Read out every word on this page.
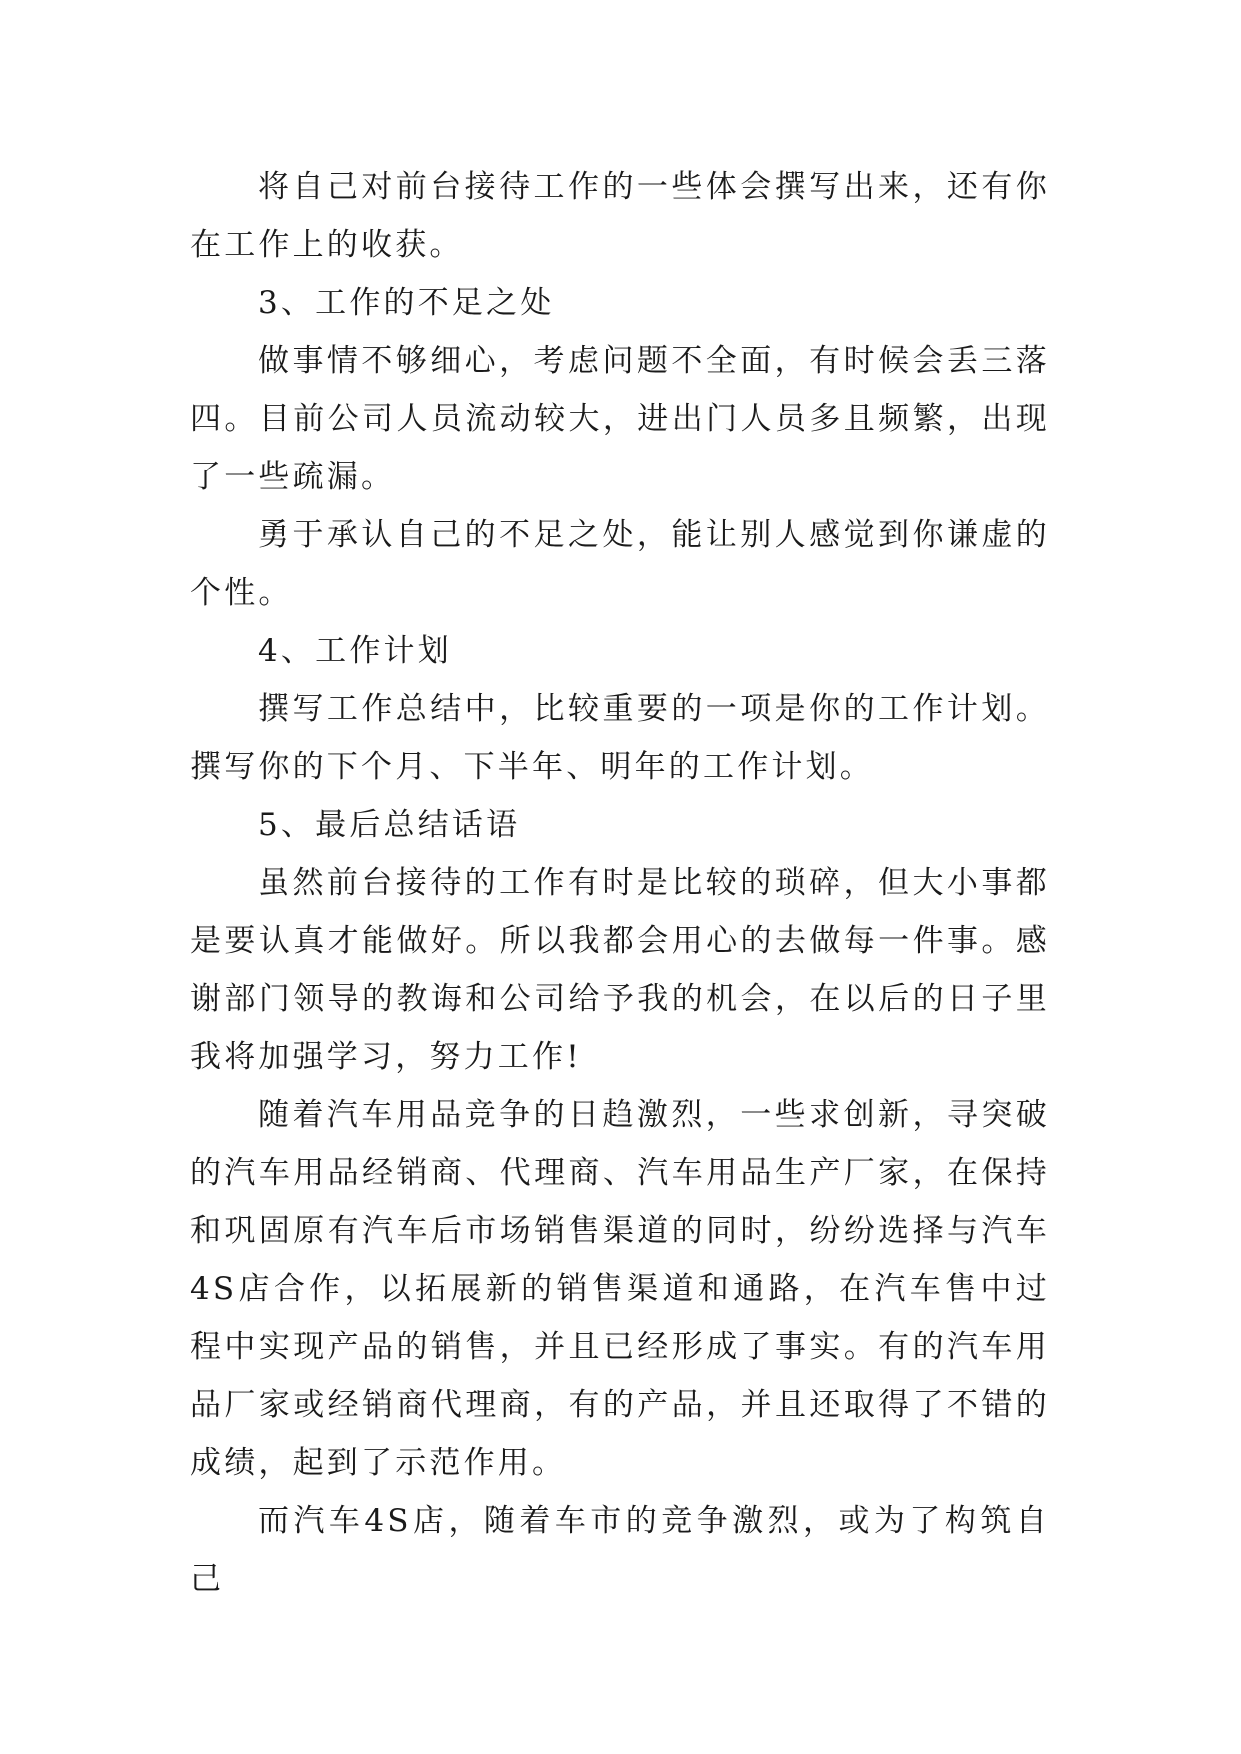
将自己对前台接待工作的一些体会撰写出来，还有你在工作上的收获。

3、工作的不足之处

做事情不够细心，考虑问题不全面，有时候会丢三落四。目前公司人员流动较大，进出门人员多且频繁，出现了一些疏漏。

勇于承认自己的不足之处，能让别人感觉到你谦虚的个性。

4、工作计划

撰写工作总结中，比较重要的一项是你的工作计划。撰写你的下个月、下半年、明年的工作计划。

5、最后总结话语

虽然前台接待的工作有时是比较的琐碎，但大小事都是要认真才能做好。所以我都会用心的去做每一件事。感谢部门领导的教诲和公司给予我的机会，在以后的日子里我将加强学习，努力工作!

随着汽车用品竞争的日趋激烈，一些求创新，寻突破的汽车用品经销商、代理商、汽车用品生产厂家，在保持和巩固原有汽车后市场销售渠道的同时，纷纷选择与汽车4S店合作，以拓展新的销售渠道和通路，在汽车售中过程中实现产品的销售，并且已经形成了事实。有的汽车用品厂家或经销商代理商，有的产品，并且还取得了不错的成绩，起到了示范作用。

而汽车4S店，随着车市的竞争激烈，或为了构筑自己
